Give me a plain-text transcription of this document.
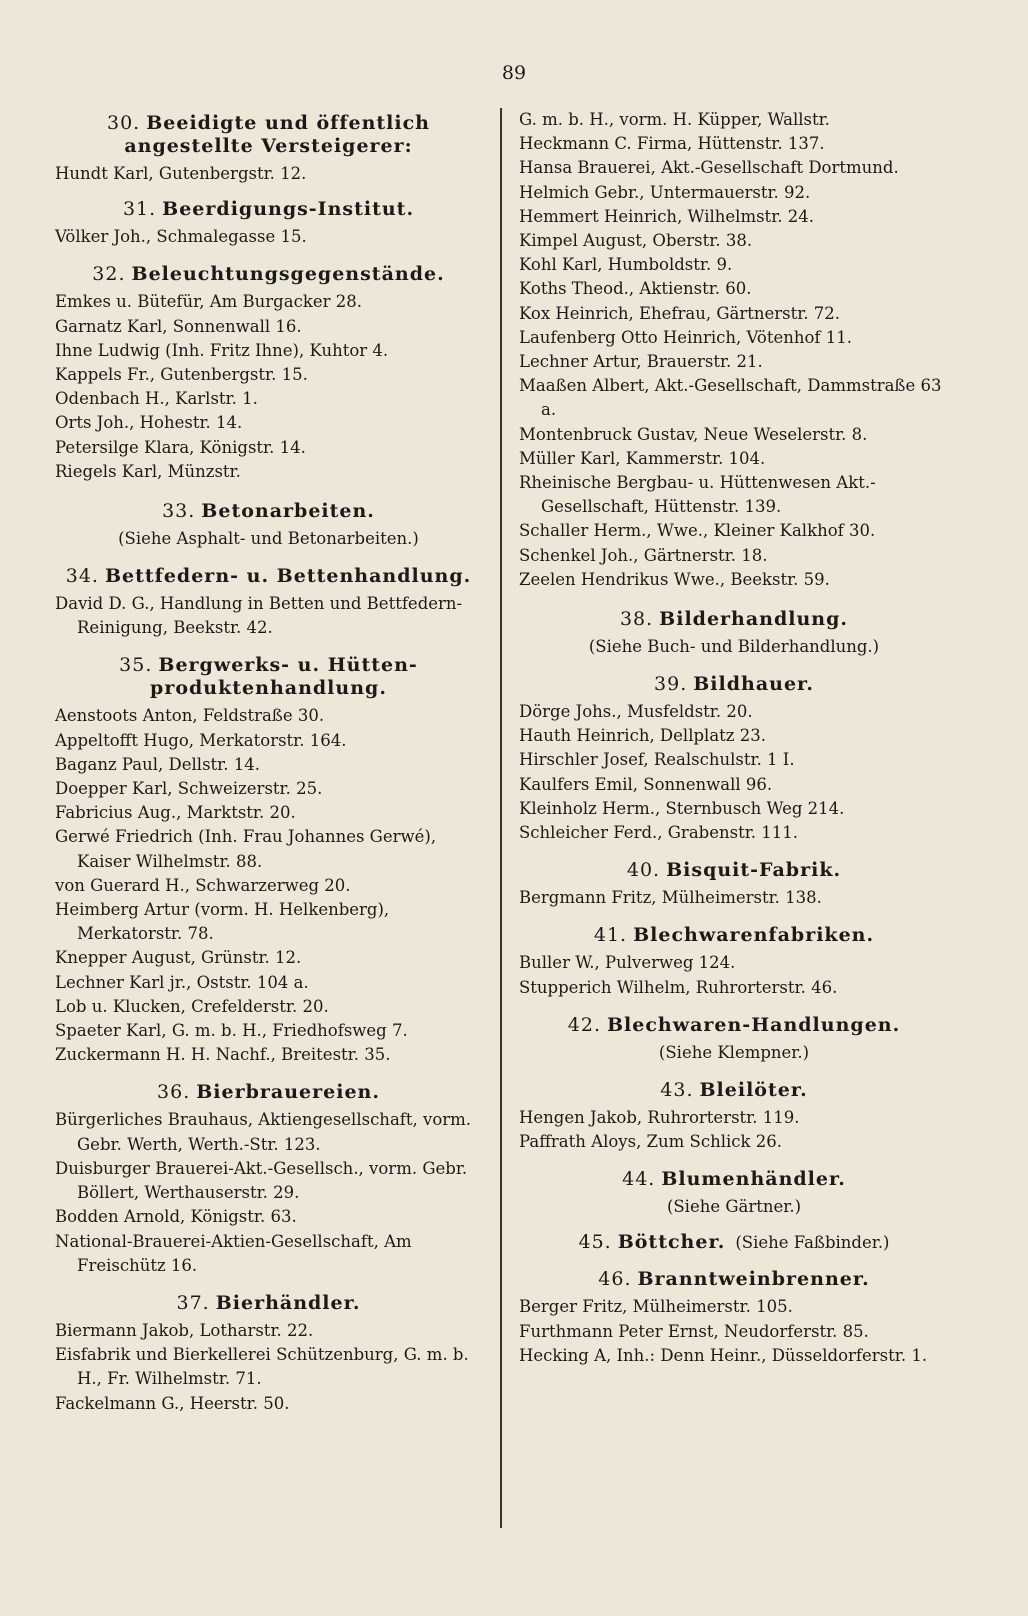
89
30. Beeidigte und öffentlich angestellte Versteigerer:
Hundt Karl, Gutenbergstr. 12.
31. Beerdigungs-Institut.
Völker Joh., Schmalegasse 15.
32. Beleuchtungsgegenstände.
Emkes u. Bütefür, Am Burgacker 28.
Garnatz Karl, Sonnenwall 16.
Ihne Ludwig (Inh. Fritz Ihne), Kuhtor 4.
Kappels Fr., Gutenbergstr. 15.
Odenbach H., Karlstr. 1.
Orts Joh., Hohestr. 14.
Petersilge Klara, Königstr. 14.
Riegels Karl, Münzstr.
33. Betonarbeiten.
(Siehe Asphalt- und Betonarbeiten.)
34. Bettfedern- u. Bettenhandlung.
David D. G., Handlung in Betten und Bettfedern-Reinigung, Beekstr. 42.
35. Bergwerks- u. Hütten-produktenhandlung.
Aenstoots Anton, Feldstraße 30.
Appeltofft Hugo, Merkatorstr. 164.
Baganz Paul, Dellstr. 14.
Doepper Karl, Schweizerstr. 25.
Fabricius Aug., Marktstr. 20.
Gerwé Friedrich (Inh. Frau Johannes Gerwé), Kaiser Wilhelmstr. 88.
von Guerard H., Schwarzerweg 20.
Heimberg Artur (vorm. H. Helkenberg), Merkatorstr. 78.
Knepper August, Grünstr. 12.
Lechner Karl jr., Oststr. 104 a.
Lob u. Klucken, Crefelderstr. 20.
Spaeter Karl, G. m. b. H., Friedhofsweg 7.
Zuckermann H. H. Nachf., Breitestr. 35.
36. Bierbrauereien.
Bürgerliches Brauhaus, Aktiengesellschaft, vorm. Gebr. Werth, Werth.-Str. 123.
Duisburger Brauerei-Akt.-Gesellsch., vorm. Gebr. Böllert, Werthauserstr. 29.
Bodden Arnold, Königstr. 63.
National-Brauerei-Aktien-Gesellschaft, Am Freischütz 16.
37. Bierhändler.
Biermann Jakob, Lotharstr. 22.
Eisfabrik und Bierkellerei Schützenburg, G. m. b. H., Fr. Wilhelmstr. 71.
Fackelmann G., Heerstr. 50.
G. m. b. H., vorm. H. Küpper, Wallstr.
Heckmann C. Firma, Hüttenstr. 137.
Hansa Brauerei, Akt.-Gesellschaft Dortmund.
Helmich Gebr., Untermauerstr. 92.
Hemmert Heinrich, Wilhelmstr. 24.
Kimpel August, Oberstr. 38.
Kohl Karl, Humboldstr. 9.
Koths Theod., Aktienstr. 60.
Kox Heinrich, Ehefrau, Gärtnerstr. 72.
Laufenberg Otto Heinrich, Vötenhof 11.
Lechner Artur, Brauerstr. 21.
Maaßen Albert, Akt.-Gesellschaft, Dammstraße 63 a.
Montenbruck Gustav, Neue Weselerstr. 8.
Müller Karl, Kammerstr. 104.
Rheinische Bergbau- u. Hüttenwesen Akt.-Gesellschaft, Hüttenstr. 139.
Schaller Herm., Wwe., Kleiner Kalkhof 30.
Schenkel Joh., Gärtnerstr. 18.
Zeelen Hendrikus Wwe., Beekstr. 59.
38. Bilderhandlung.
(Siehe Buch- und Bilderhandlung.)
39. Bildhauer.
Dörge Johs., Musfeldstr. 20.
Hauth Heinrich, Dellplatz 23.
Hirschler Josef, Realschulstr. 1 I.
Kaulfers Emil, Sonnenwall 96.
Kleinholz Herm., Sternbusch Weg 214.
Schleicher Ferd., Grabenstr. 111.
40. Bisquit-Fabrik.
Bergmann Fritz, Mülheimerstr. 138.
41. Blechwarenfabriken.
Buller W., Pulverweg 124.
Stupperich Wilhelm, Ruhrorterstr. 46.
42. Blechwaren-Handlungen.
(Siehe Klempner.)
43. Bleilöter.
Hengen Jakob, Ruhrorterstr. 119.
Paffrath Aloys, Zum Schlick 26.
44. Blumenhändler.
(Siehe Gärtner.)
45. Böttcher. (Siehe Faßbinder.)
46. Branntweinbrenner.
Berger Fritz, Mülheimerstr. 105.
Furthmann Peter Ernst, Neudorferstr. 85.
Hecking A, Inh.: Denn Heinr., Düsseldorferstr. 1.
